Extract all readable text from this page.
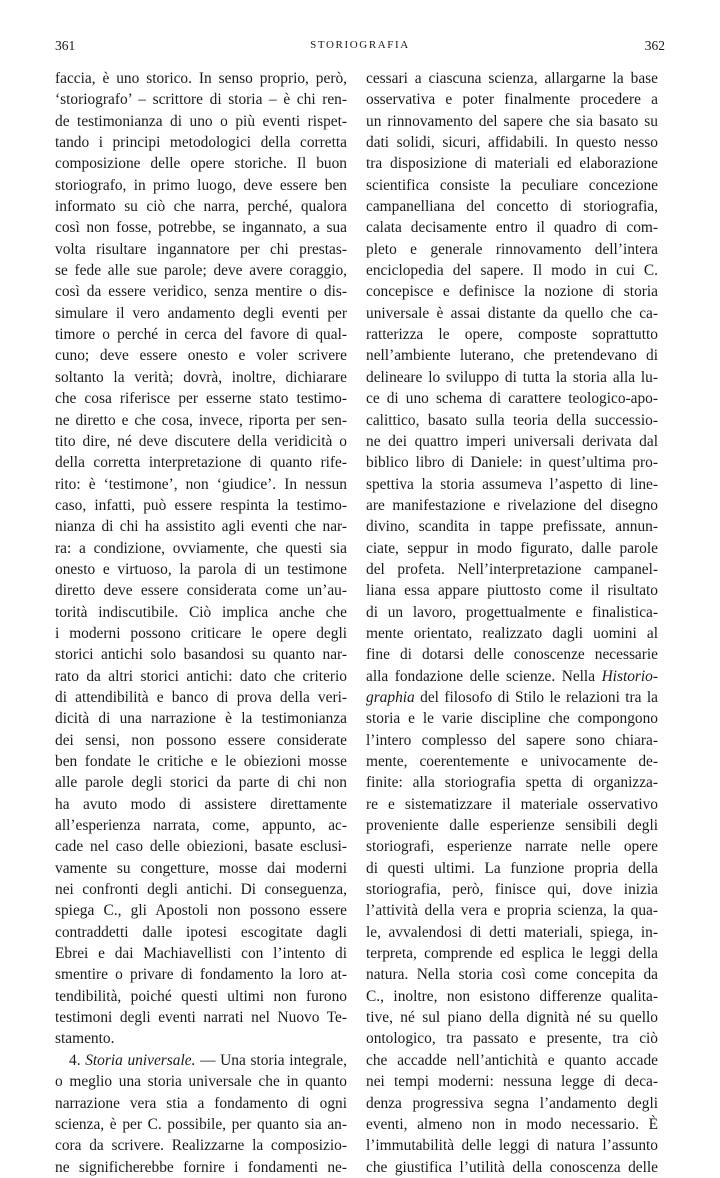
361	STORIOGRAFIA	362
faccia, è uno storico. In senso proprio, però,
‘storiografo’ – scrittore di storia – è chi ren-
de testimonianza di uno o più eventi rispet-
tando i principi metodologici della corretta
composizione delle opere storiche. Il buon
storiografo, in primo luogo, deve essere ben
informato su ciò che narra, perché, qualora
così non fosse, potrebbe, se ingannato, a sua
volta risultare ingannatore per chi prestas-
se fede alle sue parole; deve avere coraggio,
così da essere veridico, senza mentire o dis-
simulare il vero andamento degli eventi per
timore o perché in cerca del favore di qual-
cuno; deve essere onesto e voler scrivere
soltanto la verità; dovrà, inoltre, dichiarare
che cosa riferisce per esserne stato testimo-
ne diretto e che cosa, invece, riporta per sen-
tito dire, né deve discutere della veridicità o
della corretta interpretazione di quanto rife-
rito: è ‘testimone’, non ‘giudice’. In nessun
caso, infatti, può essere respinta la testimo-
nianza di chi ha assistito agli eventi che nar-
ra: a condizione, ovviamente, che questi sia
onesto e virtuoso, la parola di un testimone
diretto deve essere considerata come un’au-
torità indiscutibile. Ciò implica anche che
i moderni possono criticare le opere degli
storici antichi solo basandosi su quanto nar-
rato da altri storici antichi: dato che criterio
di attendibilità e banco di prova della veri-
dicità di una narrazione è la testimonianza
dei sensi, non possono essere considerate
ben fondate le critiche e le obiezioni mosse
alle parole degli storici da parte di chi non
ha avuto modo di assistere direttamente
all’esperienza narrata, come, appunto, ac-
cade nel caso delle obiezioni, basate esclusi-
vamente su congetture, mosse dai moderni
nei confronti degli antichi. Di conseguenza,
spiega C., gli Apostoli non possono essere
contraddetti dalle ipotesi escogitate dagli
Ebrei e dai Machiavellisti con l’intento di
smentire o privare di fondamento la loro at-
tendibilità, poiché questi ultimi non furono
testimoni degli eventi narrati nel Nuovo Te-
stamento.
4. Storia universale. — Una storia integrale,
o meglio una storia universale che in quanto
narrazione vera stia a fondamento di ogni
scienza, è per C. possibile, per quanto sia an-
cora da scrivere. Realizzarne la composizio-
ne significherebbe fornire i fondamenti ne-
cessari a ciascuna scienza, allargarne la base
osservativa e poter finalmente procedere a
un rinnovamento del sapere che sia basato su
dati solidi, sicuri, affidabili. In questo nesso
tra disposizione di materiali ed elaborazione
scientifica consiste la peculiare concezione
campanelliana del concetto di storiografia,
calata decisamente entro il quadro di com-
pleto e generale rinnovamento dell’intera
enciclopedia del sapere. Il modo in cui C.
concepisce e definisce la nozione di storia
universale è assai distante da quello che ca-
ratterizza le opere, composte soprattutto
nell’ambiente luterano, che pretendevano di
delineare lo sviluppo di tutta la storia alla lu-
ce di uno schema di carattere teologico-apo-
calittico, basato sulla teoria della successio-
ne dei quattro imperi universali derivata dal
biblico libro di Daniele: in quest’ultima pro-
spettiva la storia assumeva l’aspetto di line-
are manifestazione e rivelazione del disegno
divino, scandita in tappe prefissate, annun-
ciate, seppur in modo figurato, dalle parole
del profeta. Nell’interpretazione campanel-
liana essa appare piuttosto come il risultato
di un lavoro, progettualmente e finalistica-
mente orientato, realizzato dagli uomini al
fine di dotarsi delle conoscenze necessarie
alla fondazione delle scienze. Nella Historio-
graphia del filosofo di Stilo le relazioni tra la
storia e le varie discipline che compongono
l’intero complesso del sapere sono chiara-
mente, coerentemente e univocamente de-
finite: alla storiografia spetta di organizza-
re e sistematizzare il materiale osservativo
proveniente dalle esperienze sensibili degli
storiografi, esperienze narrate nelle opere
di questi ultimi. La funzione propria della
storiografia, però, finisce qui, dove inizia
l’attività della vera e propria scienza, la qua-
le, avvalendosi di detti materiali, spiega, in-
terpreta, comprende ed esplica le leggi della
natura. Nella storia così come concepita da
C., inoltre, non esistono differenze qualita-
tive, né sul piano della dignità né su quello
ontologico, tra passato e presente, tra ciò
che accadde nell’antichità e quanto accade
nei tempi moderni: nessuna legge di deca-
denza progressiva segna l’andamento degli
eventi, almeno non in modo necessario. È
l’immutabilità delle leggi di natura l’assunto
che giustifica l’utilità della conoscenza delle
